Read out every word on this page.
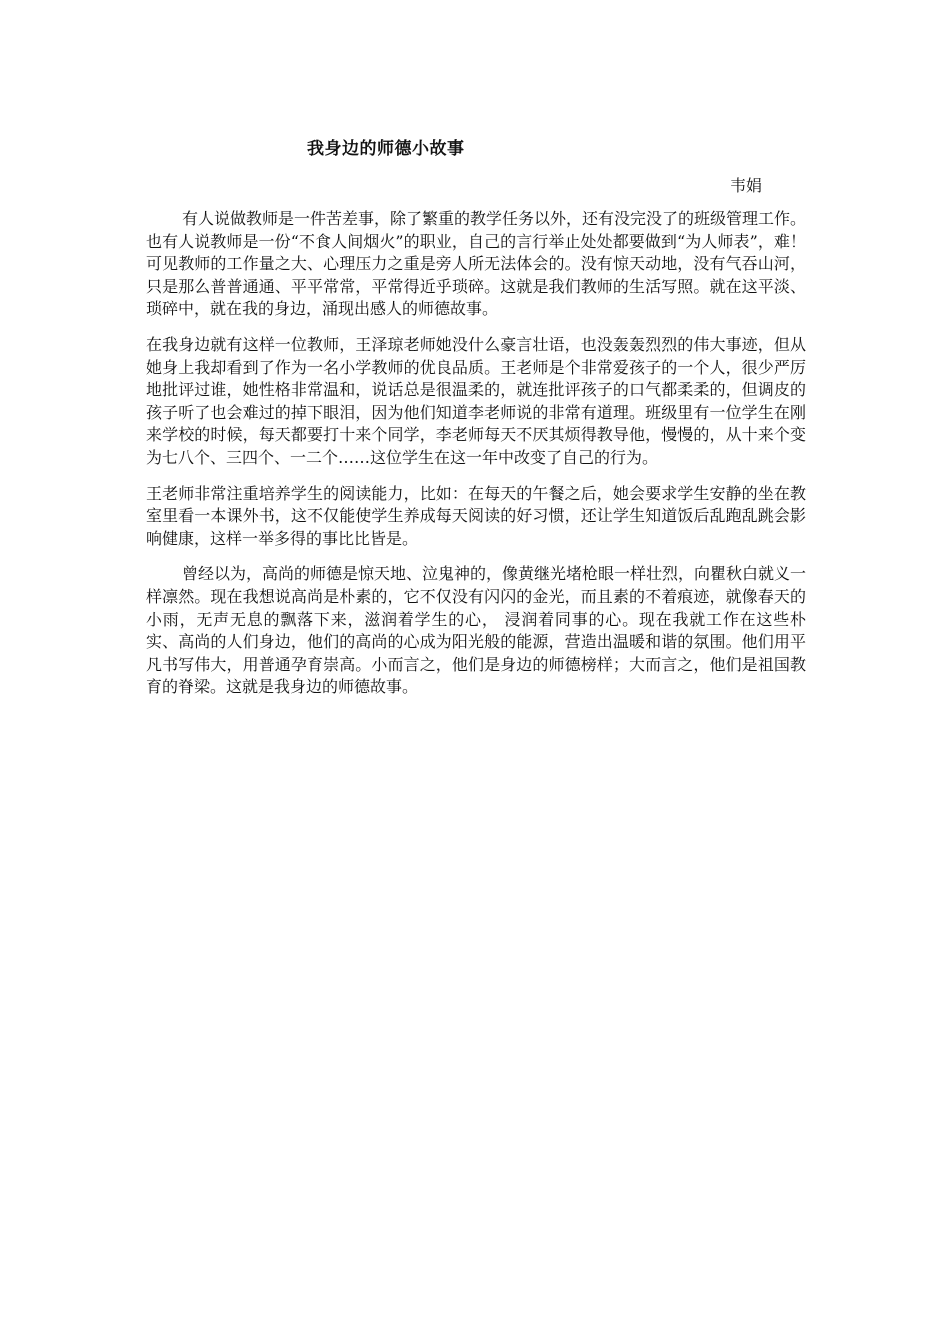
我身边的师德小故事
韦娟

有人说做教师是一件苦差事，除了繁重的教学任务以外，还有没完没了的班级管理工作。也有人说教师是一份“不食人间烟火”的职业，自己的言行举止处处都要做到“为人师表”，难！可见教师的工作量之大、心理压力之重是旁人所无法体会的。没有惊天动地，没有气吞山河，只是那么普普通通、平平常常，平常得近乎琐碎。这就是我们教师的生活写照。就在这平淡、琐碎中，就在我的身边，涌现出感人的师德故事。

在我身边就有这样一位教师，王泽琼老师她没什么豪言壮语，也没轰轰烈烈的伟大事迹，但从她身上我却看到了作为一名小学教师的优良品质。王老师是个非常爱孩子的一个人，很少严厉地批评过谁，她性格非常温和，说话总是很温柔的，就连批评孩子的口气都柔柔的，但调皮的孩子听了也会难过的掉下眼泪，因为他们知道李老师说的非常有道理。班级里有一位学生在刚来学校的时候，每天都要打十来个同学，李老师每天不厌其烦得教导他，慢慢的，从十来个变为七八个、三四个、一二个……这位学生在这一年中改变了自己的行为。

王老师非常注重培养学生的阅读能力，比如：在每天的午餐之后，她会要求学生安静的坐在教室里看一本课外书，这不仅能使学生养成每天阅读的好习惯，还让学生知道饭后乱跑乱跳会影响健康，这样一举多得的事比比皆是。

曾经以为，高尚的师德是惊天地、泣鬼神的，像黄继光堵枪眼一样壮烈，向瞿秋白就义一样凛然。现在我想说高尚是朴素的，它不仅没有闪闪的金光，而且素的不着痕迹，就像春天的小雨，无声无息的飘落下来，滋润着学生的心， 浸润着同事的心。现在我就工作在这些朴实、高尚的人们身边，他们的高尚的心成为阳光般的能源，营造出温暖和谐的氛围。他们用平凡书写伟大，用普通孕育崇高。小而言之，他们是身边的师德榜样；大而言之，他们是祖国教育的脊梁。这就是我身边的师德故事。
